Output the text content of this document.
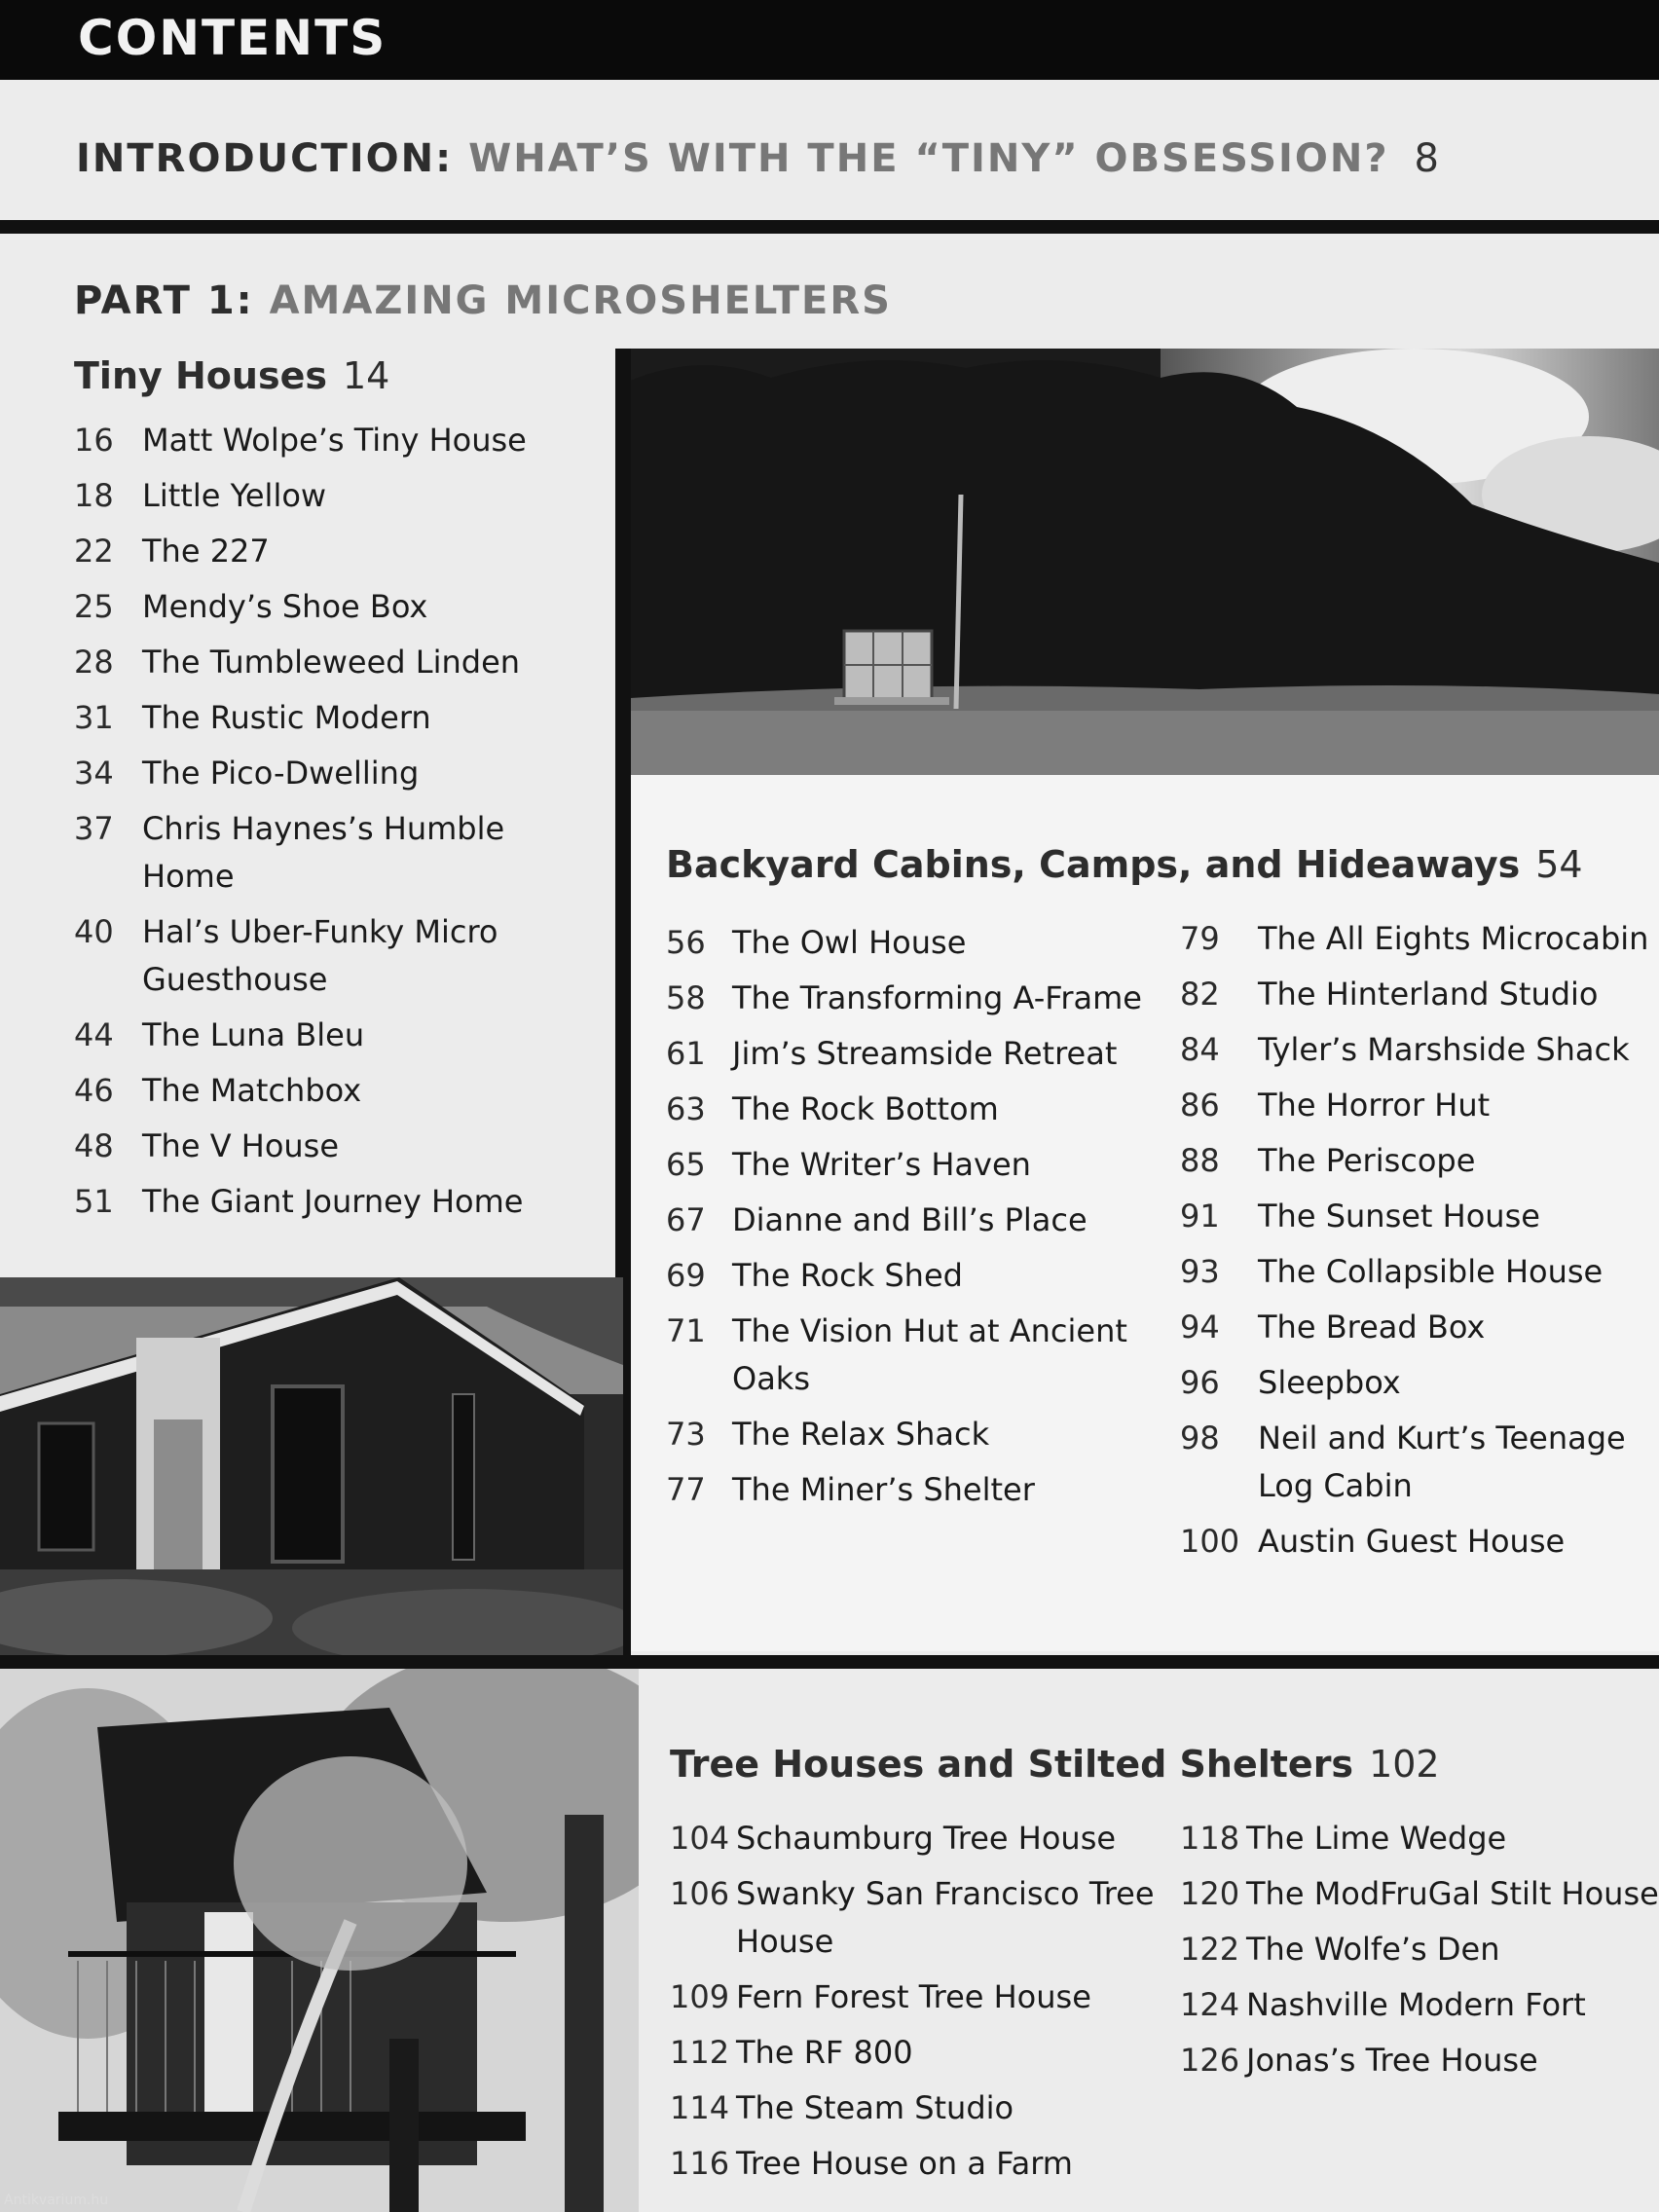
CONTENTS
INTRODUCTION: WHAT’S WITH THE “TINY” OBSESSION? 8
PART 1: AMAZING MICROSHELTERS
Tiny Houses 14
16 Matt Wolpe’s Tiny House
18 Little Yellow
22 The 227
25 Mendy’s Shoe Box
28 The Tumbleweed Linden
31 The Rustic Modern
34 The Pico-Dwelling
37 Chris Haynes’s Humble Home
40 Hal’s Uber-Funky Micro Guesthouse
44 The Luna Bleu
46 The Matchbox
48 The V House
51 The Giant Journey Home
Backyard Cabins, Camps, and Hideaways 54
56 The Owl House
58 The Transforming A-Frame
61 Jim’s Streamside Retreat
63 The Rock Bottom
65 The Writer’s Haven
67 Dianne and Bill’s Place
69 The Rock Shed
71 The Vision Hut at Ancient Oaks
73 The Relax Shack
77 The Miner’s Shelter
79	The All Eights Microcabin
82	The Hinterland Studio
84	Tyler’s Marshside Shack
86	The Horror Hut
88	The Periscope
91	The Sunset House
93	The Collapsible House
94	The Bread Box
96	Sleepbox
98	Neil and Kurt’s Teenage Log Cabin
100 Austin Guest House
Antikvarium.hu
Tree Houses and Stilted Shelters 102
104 Schaumburg Tree House
106 Swanky San Francisco Tree House
109 Fern Forest Tree House
112 The RF 800
114 The Steam Studio
116 Tree House on a Farm
118 The Lime Wedge
120 The ModFruGal Stilt House
122 The Wolfe’s Den
124 Nashville Modern Fort
126 Jonas’s Tree House
